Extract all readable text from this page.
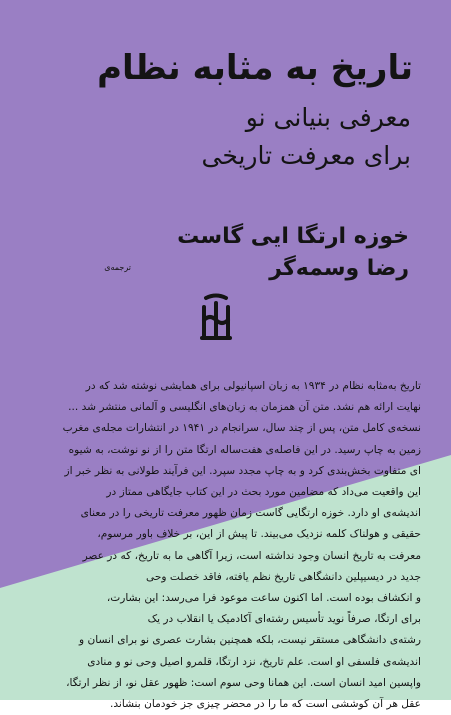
تاریخ به مثابه نظام
معرفی بنیانی نو
برای معرفت تاریخی
خوزه ارتگا ایی گاست
ترجمه‌ی	رضا وسمه‌گر
تاریخ به‌مثابه نظام در ۱۹۳۴ به زبان اسپانیولی برای همایشی نوشته شد که در
نهایت ارائه هم نشد. متن آن همزمان به زبان‌های انگلیسی و آلمانی منتشر شد ...
نسخه‌ی کامل متن، پس از چند سال، سرانجام در ۱۹۴۱ در انتشارات مجله‌ی مغرب
زمین به چاپ رسید. در این فاصله‌ی هفت‌ساله ارتگا متن را از نو نوشت، به شیوه
ای متفاوت بخش‌بندی کرد و به چاپ مجدد سپرد. این فرآیند طولانی به نظر خبر از
این واقعیت می‌داد که مضامین مورد بحث در این کتاب جایگاهی ممتاز در
اندیشه‌ی او دارد. خوزه ارتگایی گاست زمان ظهور معرفت تاریخی را در معنای
حقیقی و هولناک کلمه نزدیک می‌بیند. تا پیش از این، بر خلاف باور مرسوم،
معرفت به تاریخ انسان وجود نداشته است، زیرا آگاهی ما به تاریخ، که در عصر
جدید در دیسیپلین دانشگاهی تاریخ نظم یافته، فاقد خصلت وحی
و انکشاف بوده است. اما اکنون ساعت موعود فرا می‌رسد: این بشارت،
برای ارتگا، صرفاً نوید تأسیس رشته‌ای آکادمیک یا انقلاب در یک
رشته‌ی دانشگاهی مستقر نیست، بلکه همچنین بشارت عصری نو برای انسان و
اندیشه‌ی فلسفی او است. علم تاریخ، نزد ارتگا، قلمرو اصیل وحی نو و منادی
واپسین امید انسان است. این همانا وحی سوم است: ظهور عقل نو، از نظر ارتگا،
عقل هر آن کوششی است که ما را در محضر چیزی جز خودمان بنشاند.
